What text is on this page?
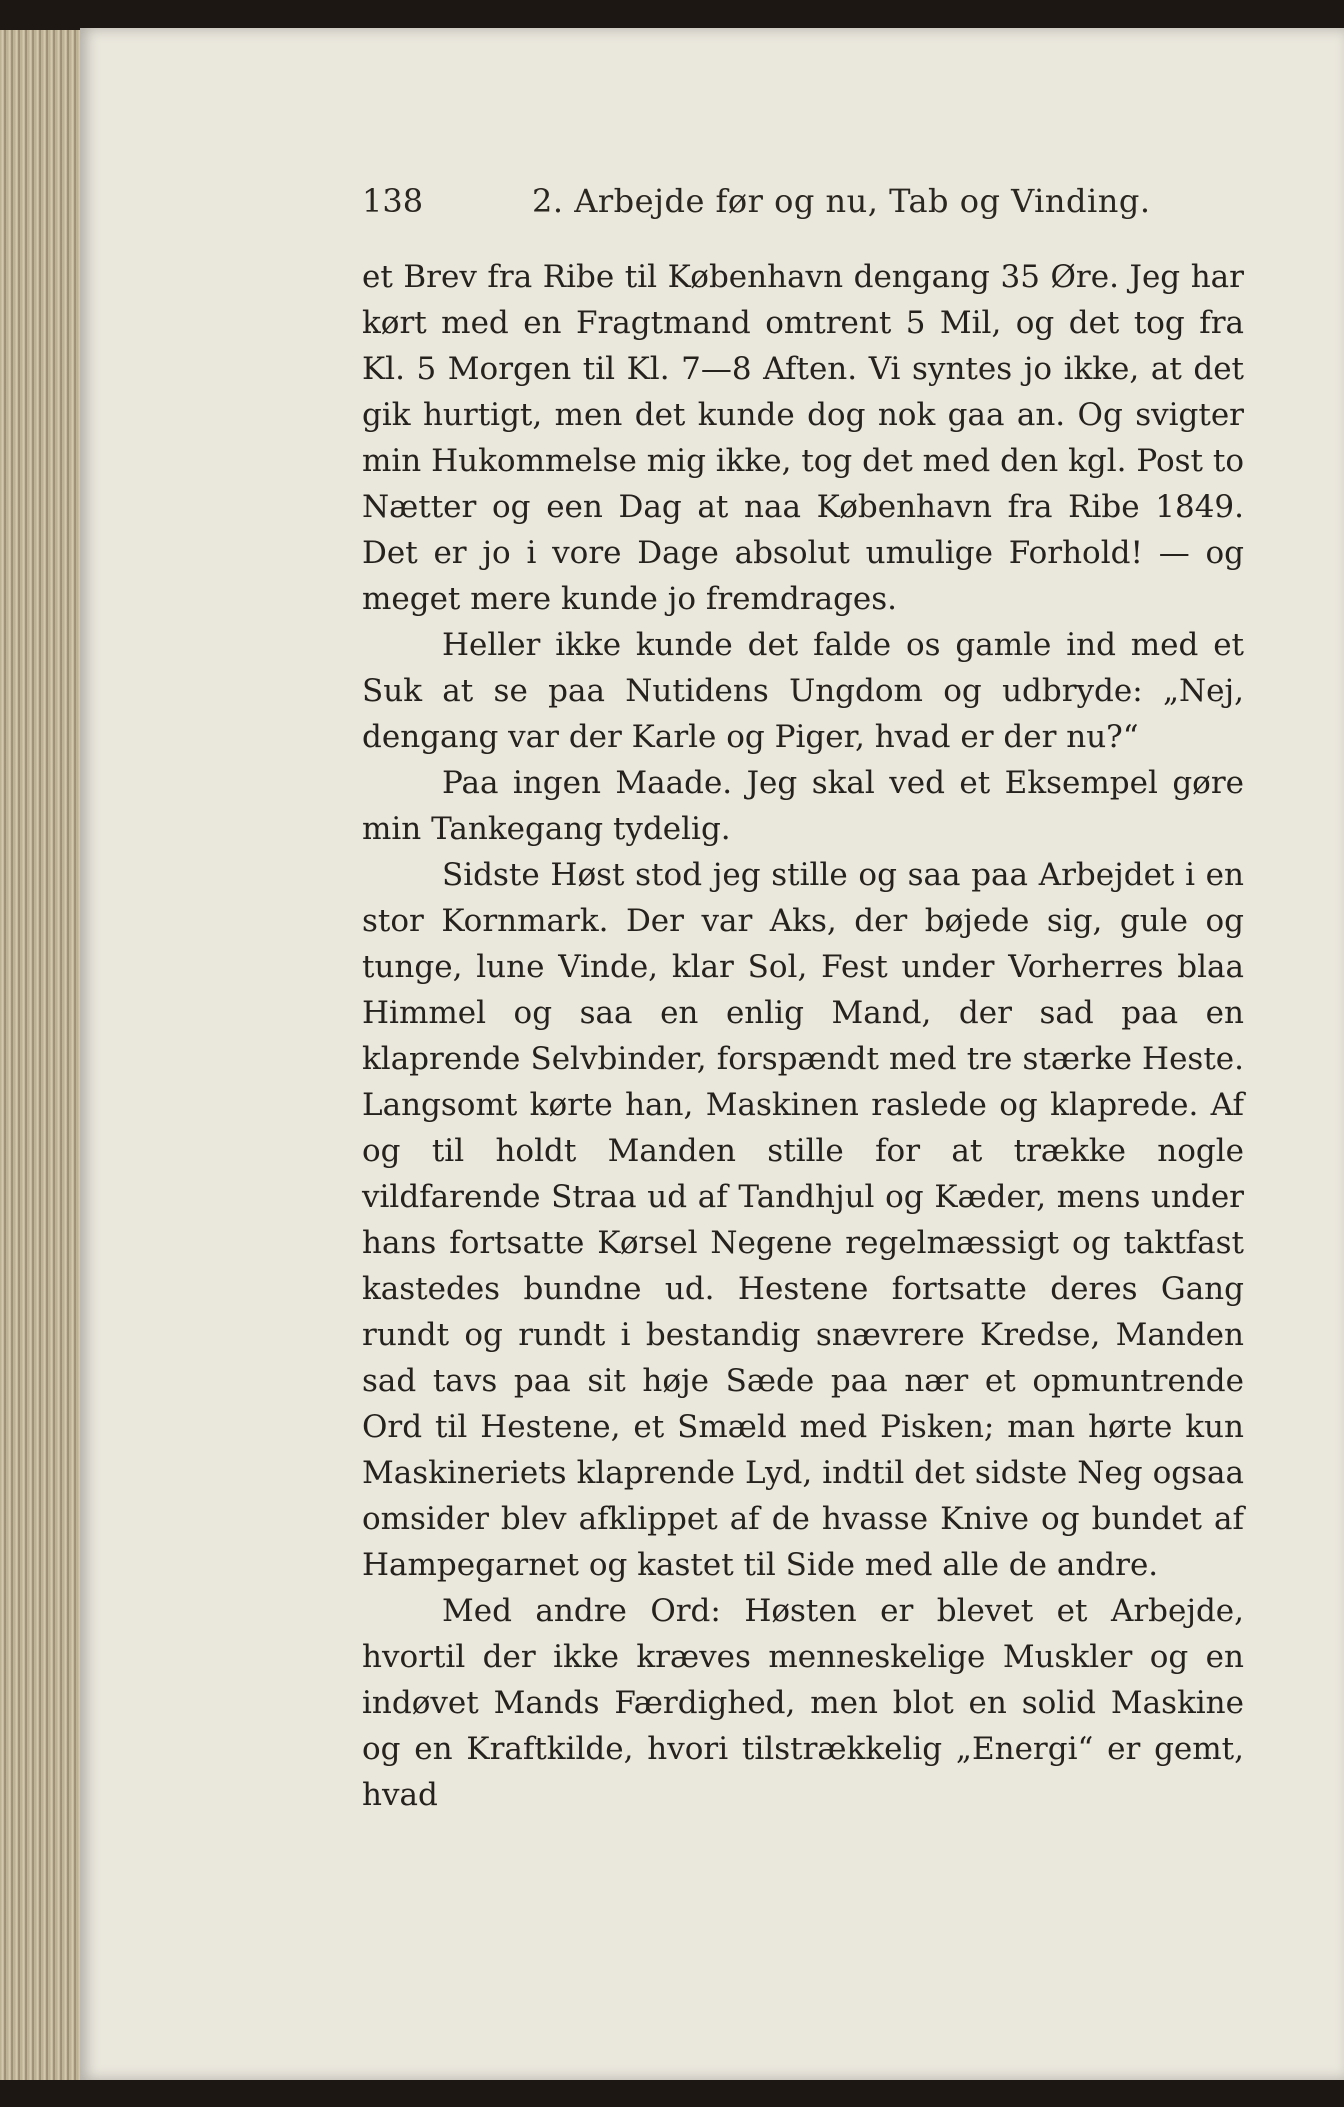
138	2. Arbejde før og nu, Tab og Vinding.

et Brev fra Ribe til København dengang 35 Øre. Jeg har kørt med en Fragtmand omtrent 5 Mil, og det tog fra Kl. 5 Morgen til Kl. 7—8 Aften. Vi syntes jo ikke, at det gik hurtigt, men det kunde dog nok gaa an. Og svigter min Hukommelse mig ikke, tog det med den kgl. Post to Nætter og een Dag at naa København fra Ribe 1849. Det er jo i vore Dage absolut umulige Forhold! — og meget mere kunde jo fremdrages.

Heller ikke kunde det falde os gamle ind med et Suk at se paa Nutidens Ungdom og udbryde: „Nej, dengang var der Karle og Piger, hvad er der nu?“

Paa ingen Maade. Jeg skal ved et Eksempel gøre min Tankegang tydelig.

Sidste Høst stod jeg stille og saa paa Arbejdet i en stor Kornmark. Der var Aks, der bøjede sig, gule og tunge, lune Vinde, klar Sol, Fest under Vorherres blaa Himmel og saa en enlig Mand, der sad paa en klaprende Selvbinder, forspændt med tre stærke Heste. Langsomt kørte han, Maskinen raslede og klaprede. Af og til holdt Manden stille for at trække nogle vildfarende Straa ud af Tandhjul og Kæder, mens under hans fortsatte Kørsel Negene regelmæssigt og taktfast kastedes bundne ud. Hestene fortsatte deres Gang rundt og rundt i bestandig snævrere Kredse, Manden sad tavs paa sit høje Sæde paa nær et opmuntrende Ord til Hestene, et Smæld med Pisken; man hørte kun Maskineriets klaprende Lyd, indtil det sidste Neg ogsaa omsider blev afklippet af de hvasse Knive og bundet af Hampegarnet og kastet til Side med alle de andre.

Med andre Ord: Høsten er blevet et Arbejde, hvortil der ikke kræves menneskelige Muskler og en indøvet Mands Færdighed, men blot en solid Maskine og en Kraftkilde, hvori tilstrækkelig „Energi“ er gemt, hvad
